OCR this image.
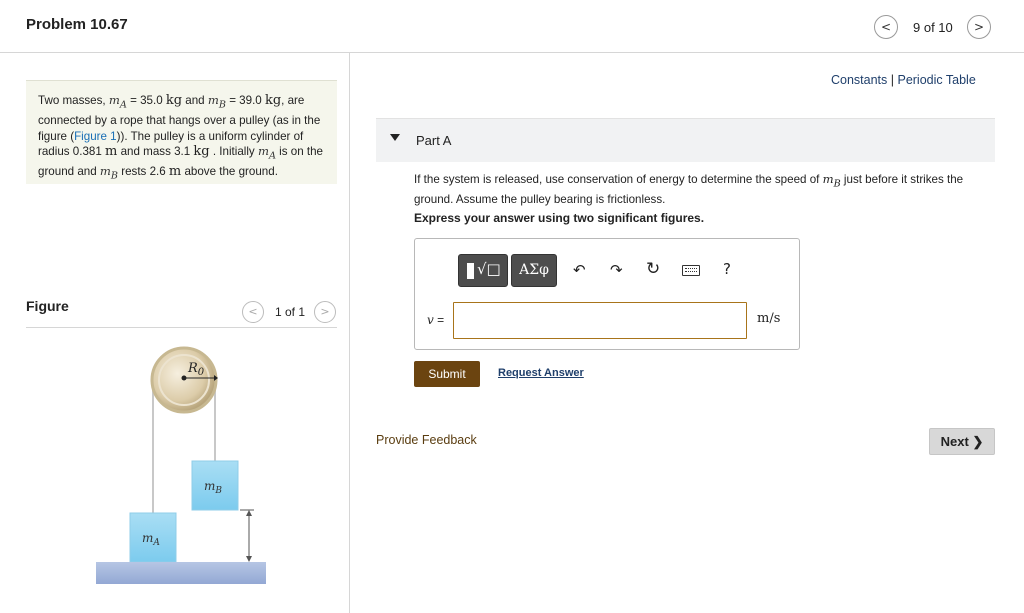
Problem 10.67	<	9 of 10	>
Two masses, $m_A = 35.0$ kg and $m_B = 39.0$ kg, are connected by a rope that hangs over a pulley (as in the figure (Figure 1)). The pulley is a uniform cylinder of radius 0.381 m and mass 3.1 kg . Initially $m_A$ is on the ground and $m_B$ rests 2.6 m above the ground.
Figure	<	1 of 1	>
$R_0$
$m_B$
$m_A$
Constants | Periodic Table
Part A
If the system is released, use conservation of energy to determine the speed of $m_B$ just before it strikes the ground. Assume the pulley bearing is frictionless.
Express your answer using two significant figures.
√□	ΑΣφ	↶ ↷ ↻	?
v =	m/s
Submit	Request Answer
Provide Feedback	Next ❯
